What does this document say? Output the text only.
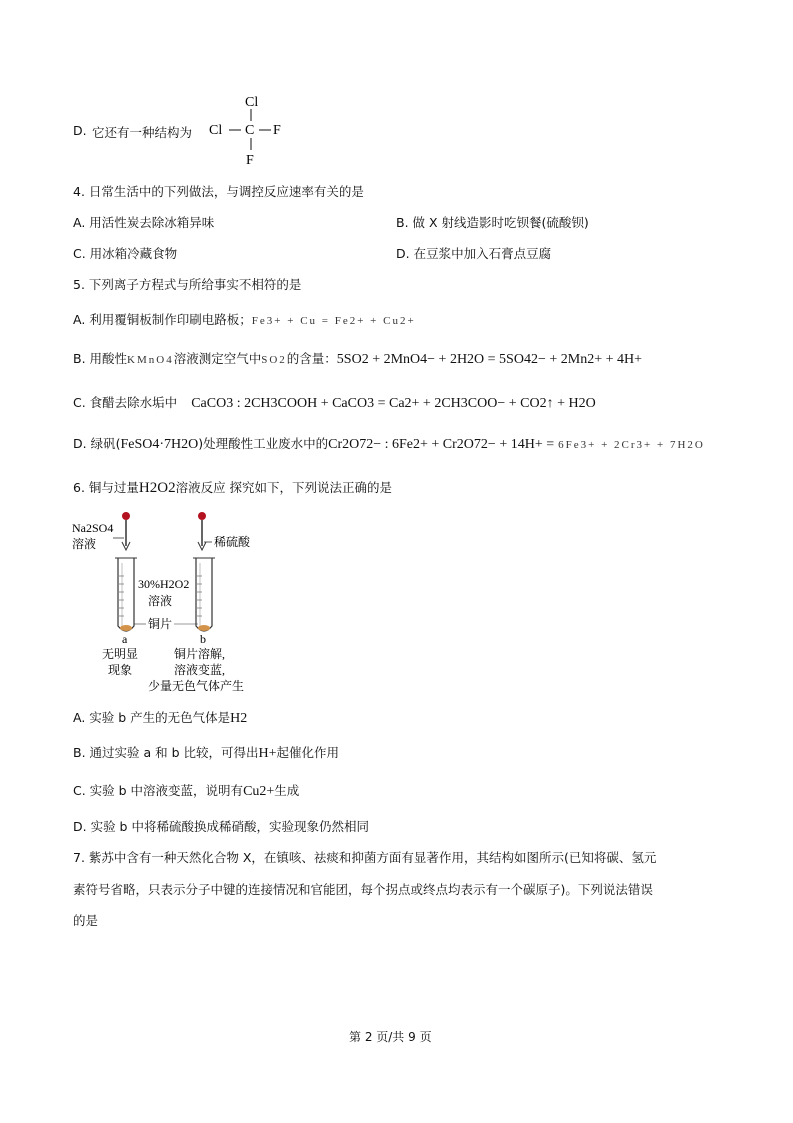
D. 它还有一种结构为
Cl
Cl C F
F
4. 日常生活中的下列做法，与调控反应速率有关的是
A. 用活性炭去除冰箱异味	B. 做 X 射线造影时吃钡餐(硫酸钡)
C. 用冰箱冷藏食物	D. 在豆浆中加入石膏点豆腐
5. 下列离子方程式与所给事实不相符的是
A. 利用覆铜板制作印刷电路板；Fe3+ + Cu = Fe2+ + Cu2+
B. 用酸性KMnO4溶液测定空气中SO2的含量：5SO2 + 2MnO4− + 2H2O = 5SO42− + 2Mn2+ + 4H+
C. 食醋去除水垢中 CaCO3 : 2CH3COOH + CaCO3 = Ca2+ + 2CH3COO− + CO2↑ + H2O
D. 绿矾(FeSO4·7H2O)处理酸性工业废水中的Cr2O72− : 6Fe2+ + Cr2O72− + 14H+ = 6Fe3+ + 2Cr3+ + 7H2O
6. 铜与过量H2O2溶液反应 探究如下，下列说法正确的是
Na2SO4
溶液	稀硫酸
30%H2O2
溶液
铜片
a	b
无明显
现象
铜片溶解,
溶液变蓝,
少量无色气体产生
A. 实验 b 产生的无色气体是H2
B. 通过实验 a 和 b 比较，可得出H+起催化作用
C. 实验 b 中溶液变蓝，说明有Cu2+生成
D. 实验 b 中将稀硫酸换成稀硝酸，实验现象仍然相同
7. 紫苏中含有一种天然化合物 X，在镇咳、祛痰和抑菌方面有显著作用，其结构如图所示(已知将碳、氢元
素符号省略，只表示分子中键的连接情况和官能团，每个拐点或终点均表示有一个碳原子)。下列说法错误
的是
第 2 页/共 9 页
